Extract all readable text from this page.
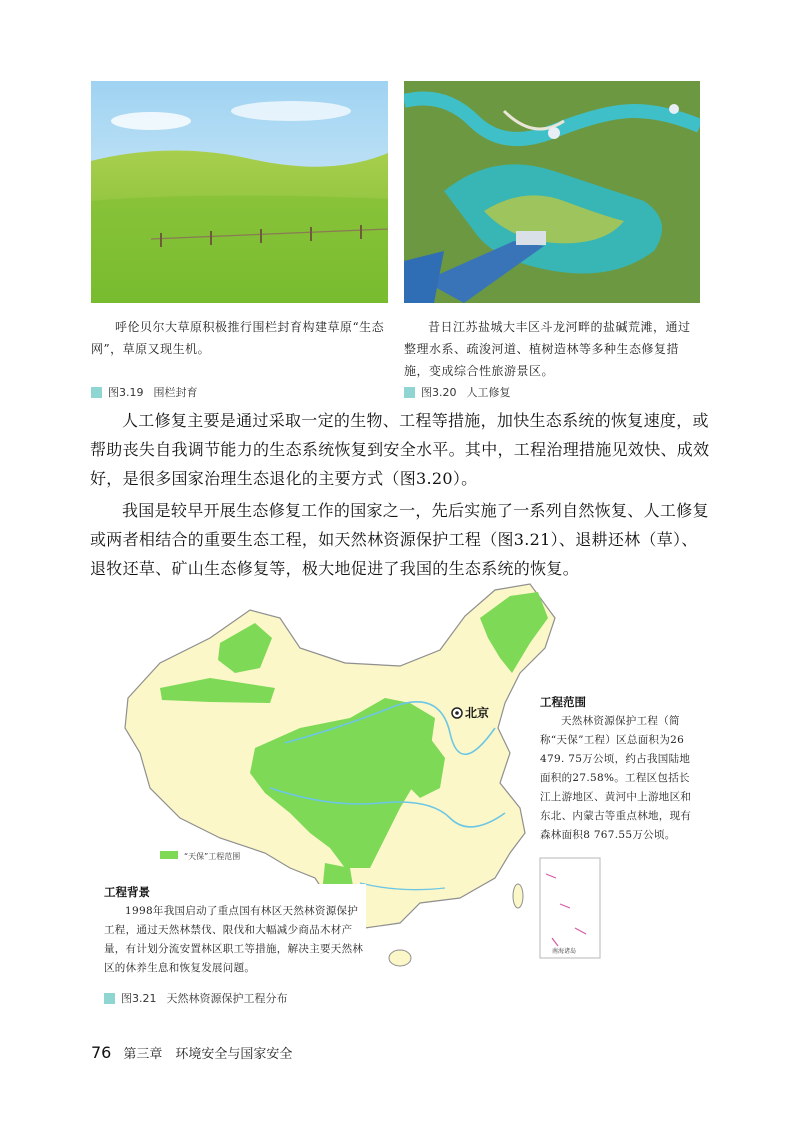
呼伦贝尔大草原积极推行围栏封育构建草原“生态网”，草原又现生机。
昔日江苏盐城大丰区斗龙河畔的盐碱荒滩，通过整理水系、疏浚河道、植树造林等多种生态修复措施，变成综合性旅游景区。
图3.19 围栏封育	图3.20 人工修复

人工修复主要是通过采取一定的生物、工程等措施，加快生态系统的恢复速度，或帮助丧失自我调节能力的生态系统恢复到安全水平。其中，工程治理措施见效快、成效好，是很多国家治理生态退化的主要方式（图3.20）。

我国是较早开展生态修复工作的国家之一，先后实施了一系列自然恢复、人工修复或两者相结合的重要生态工程，如天然林资源保护工程（图3.21）、退耕还林（草）、退牧还草、矿山生态修复等，极大地促进了我国的生态系统的恢复。

北京
“天保”工程范围
南海诸岛
工程范围
天然林资源保护工程（简称“天保”工程）区总面积为26 479. 75万公顷，约占我国陆地面积的27.58%。工程区包括长江上游地区、黄河中上游地区和东北、内蒙古等重点林地，现有森林面积8 767.55万公顷。
工程背景
1998年我国启动了重点国有林区天然林资源保护工程，通过天然林禁伐、限伐和大幅减少商品木材产量，有计划分流安置林区职工等措施，解决主要天然林区的休养生息和恢复发展问题。
图3.21 天然林资源保护工程分布
76 第三章　环境安全与国家安全
